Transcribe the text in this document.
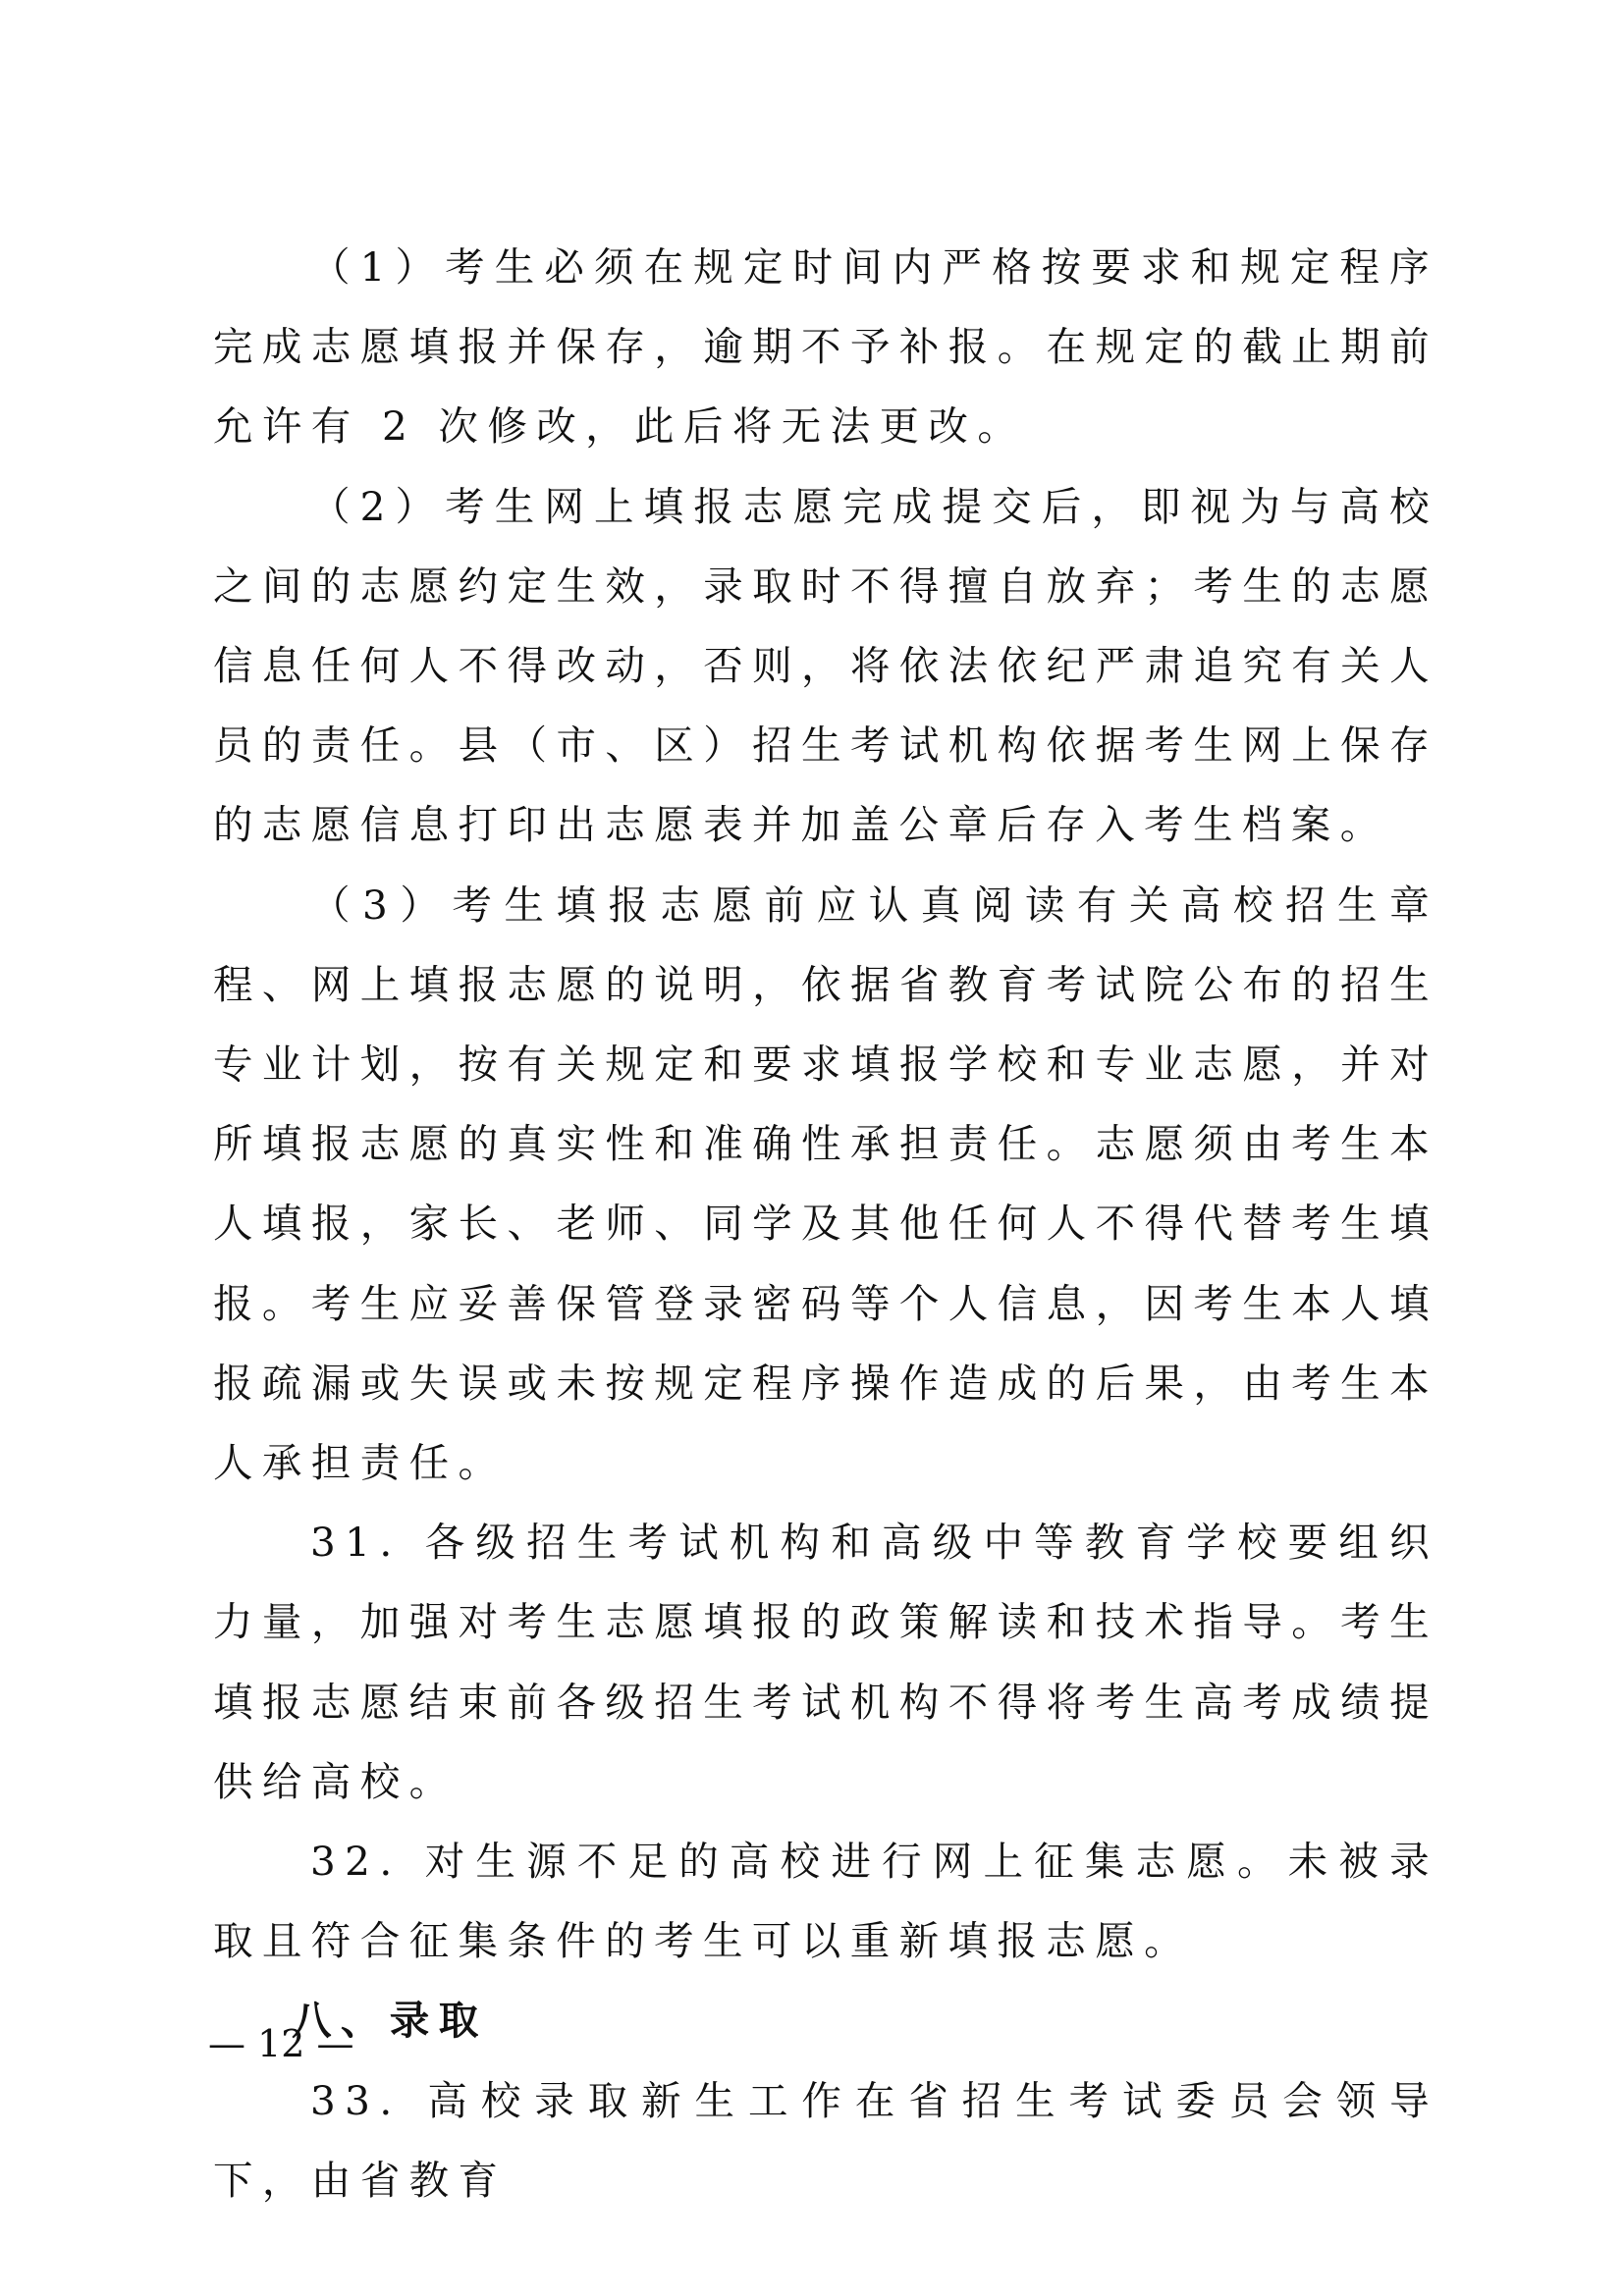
（1）考生必须在规定时间内严格按要求和规定程序完成志愿填报并保存，逾期不予补报。在规定的截止期前允许有 2 次修改，此后将无法更改。

（2）考生网上填报志愿完成提交后，即视为与高校之间的志愿约定生效，录取时不得擅自放弃；考生的志愿信息任何人不得改动，否则，将依法依纪严肃追究有关人员的责任。县（市、区）招生考试机构依据考生网上保存的志愿信息打印出志愿表并加盖公章后存入考生档案。

（3）考生填报志愿前应认真阅读有关高校招生章程、网上填报志愿的说明，依据省教育考试院公布的招生专业计划，按有关规定和要求填报学校和专业志愿，并对所填报志愿的真实性和准确性承担责任。志愿须由考生本人填报，家长、老师、同学及其他任何人不得代替考生填报。考生应妥善保管登录密码等个人信息，因考生本人填报疏漏或失误或未按规定程序操作造成的后果，由考生本人承担责任。

31. 各级招生考试机构和高级中等教育学校要组织力量，加强对考生志愿填报的政策解读和技术指导。考生填报志愿结束前各级招生考试机构不得将考生高考成绩提供给高校。

32. 对生源不足的高校进行网上征集志愿。未被录取且符合征集条件的考生可以重新填报志愿。

八、录取

33. 高校录取新生工作在省招生考试委员会领导下，由省教育

— 12 —
